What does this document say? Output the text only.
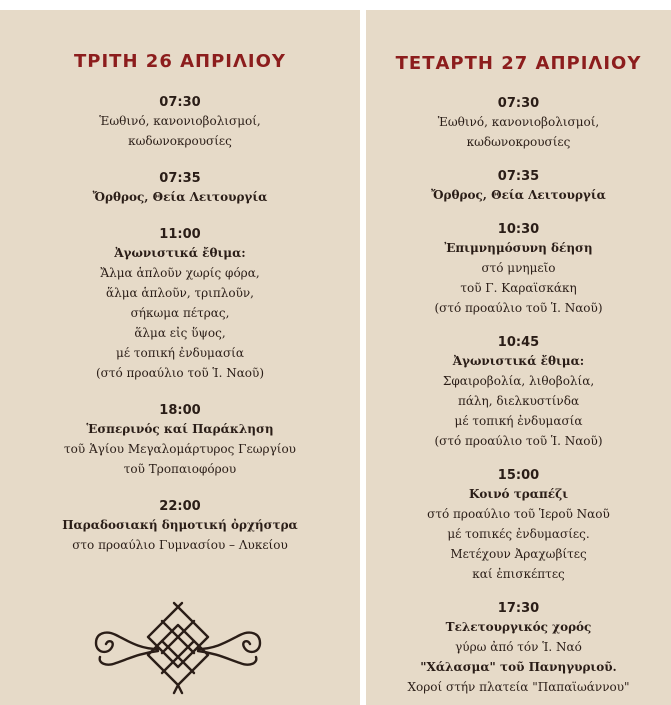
ΤΡΙΤΗ 26 ΑΠΡΙΛΙΟΥ
07:30
Ἑωθινό, κανονιοβολισμοί,
κωδωνοκρουσίες
07:35
Ὄρθρος, Θεία Λειτουργία
11:00
Ἀγωνιστικά ἔθιμα:
Ἄλμα ἁπλοῦν χωρίς φόρα,
ἅλμα ἁπλοῦν, τριπλοῦν,
σήκωμα πέτρας,
ἅλμα εἰς ὕψος,
μέ τοπική ἐνδυμασία
(στό προαύλιο τοῦ Ἱ. Ναοῦ)
18:00
Ἑσπερινός καί Παράκληση
τοῦ Ἁγίου Μεγαλομάρτυρος Γεωργίου
τοῦ Τροπαιοφόρου
22:00
Παραδοσιακή δημοτική ὀρχήστρα
στο προαύλιο Γυμνασίου – Λυκείου
ΤΕΤΑΡΤΗ 27 ΑΠΡΙΛΙΟΥ
07:30
Ἑωθινό, κανονιοβολισμοί,
κωδωνοκρουσίες
07:35
Ὄρθρος, Θεία Λειτουργία
10:30
Ἐπιμνημόσυνη δέηση
στό μνημεῖο
τοῦ Γ. Καραϊσκάκη
(στό προαύλιο τοῦ Ἱ. Ναοῦ)
10:45
Ἀγωνιστικά ἔθιμα:
Σφαιροβολία, λιθοβολία,
πάλη, διελκυστίνδα
μέ τοπική ἐνδυμασία
(στό προαύλιο τοῦ Ἱ. Ναοῦ)
15:00
Κοινό τραπέζι
στό προαύλιο τοῦ Ἱεροῦ Ναοῦ
μέ τοπικές ἐνδυμασίες.
Μετέχουν Ἀραχωβίτες
καί ἐπισκέπτες
17:30
Τελετουργικός χορός
γύρω ἀπό τόν Ἱ. Ναό
"Χάλασμα" τοῦ Πανηγυριοῦ.
Χοροί στήν πλατεία "Παπαϊωάννου"
